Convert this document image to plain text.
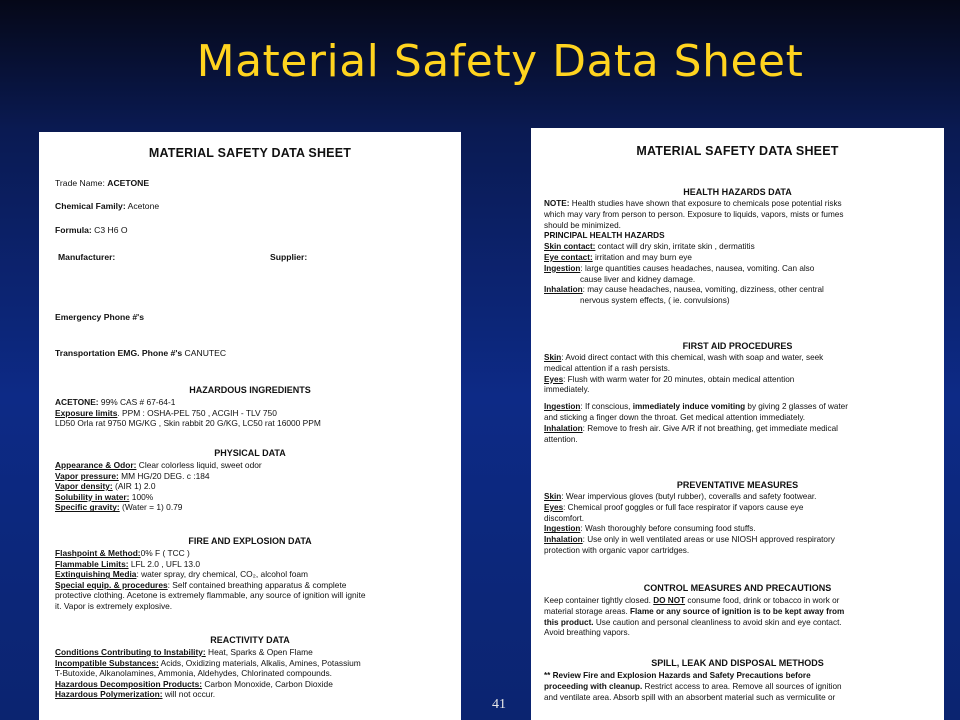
Material Safety Data Sheet
MATERIAL SAFETY DATA SHEET
Trade Name: ACETONE
Chemical Family: Acetone
Formula: C3 H6 O
Manufacturer:	Supplier:
Emergency Phone #'s
Transportation EMG. Phone #'s CANUTEC
HAZARDOUS INGREDIENTS
ACETONE: 99% CAS # 67-64-1
Exposure limits. PPM : OSHA-PEL 750 , ACGIH - TLV 750
LD50 Orla rat 9750 MG/KG , Skin rabbit 20 G/KG, LC50 rat 16000 PPM
PHYSICAL DATA
Appearance & Odor: Clear colorless liquid, sweet odor
Vapor pressure: MM HG/20 DEG. c :184
Vapor density: (AIR 1) 2.0
Solubility in water: 100%
Specific gravity: (Water = 1) 0.79
FIRE AND EXPLOSION DATA
Flashpoint & Method:0% F ( TCC )
Flammable Limits: LFL 2.0 , UFL 13.0
Extinguishing Media: water spray, dry chemical, CO₂, alcohol foam
Special equip. & procedures: Self contained breathing apparatus & complete
protective clothing. Acetone is extremely flammable, any source of ignition will ignite
it. Vapor is extremely explosive.
REACTIVITY DATA
Conditions Contributing to Instability: Heat, Sparks & Open Flame
Incompatible Substances: Acids, Oxidizing materials, Alkalis, Amines, Potassium
T-Butoxide, Alkanolamines, Ammonia, Aldehydes, Chlorinated compounds.
Hazardous Decomposition Products: Carbon Monoxide, Carbon Dioxide
Hazardous Polymerization: will not occur.
MATERIAL SAFETY DATA SHEET
HEALTH HAZARDS DATA
NOTE: Health studies have shown that exposure to chemicals pose potential risks
which may vary from person to person. Exposure to liquids, vapors, mists or fumes
should be minimized.
PRINCIPAL HEALTH HAZARDS
Skin contact: contact will dry skin, irritate skin , dermatitis
Eye contact: irritation and may burn eye
Ingestion: large quantities causes headaches, nausea, vomiting. Can also
cause liver and kidney damage.
Inhalation: may cause headaches, nausea, vomiting, dizziness, other central
nervous system effects, ( ie. convulsions)
FIRST AID PROCEDURES
Skin: Avoid direct contact with this chemical, wash with soap and water, seek
medical attention if a rash persists.
Eyes: Flush with warm water for 20 minutes, obtain medical attention
immediately.
Ingestion: If conscious, immediately induce vomiting by giving 2 glasses of water
and sticking a finger down the throat. Get medical attention immediately.
Inhalation: Remove to fresh air. Give A/R if not breathing, get immediate medical
attention.
PREVENTATIVE MEASURES
Skin: Wear impervious gloves (butyl rubber), coveralls and safety footwear.
Eyes: Chemical proof goggles or full face respirator if vapors cause eye
discomfort.
Ingestion: Wash thoroughly before consuming food stuffs.
Inhalation: Use only in well ventilated areas or use NIOSH approved respiratory
protection with organic vapor cartridges.
CONTROL MEASURES AND PRECAUTIONS
Keep container tightly closed. DO NOT consume food, drink or tobacco in work or
material storage areas. Flame or any source of ignition is to be kept away from
this product. Use caution and personal cleanliness to avoid skin and eye contact.
Avoid breathing vapors.
SPILL, LEAK AND DISPOSAL METHODS
** Review Fire and Explosion Hazards and Safety Precautions before
proceeding with cleanup. Restrict access to area. Remove all sources of ignition
and ventilate area. Absorb spill with an absorbent material such as vermiculite or
41
